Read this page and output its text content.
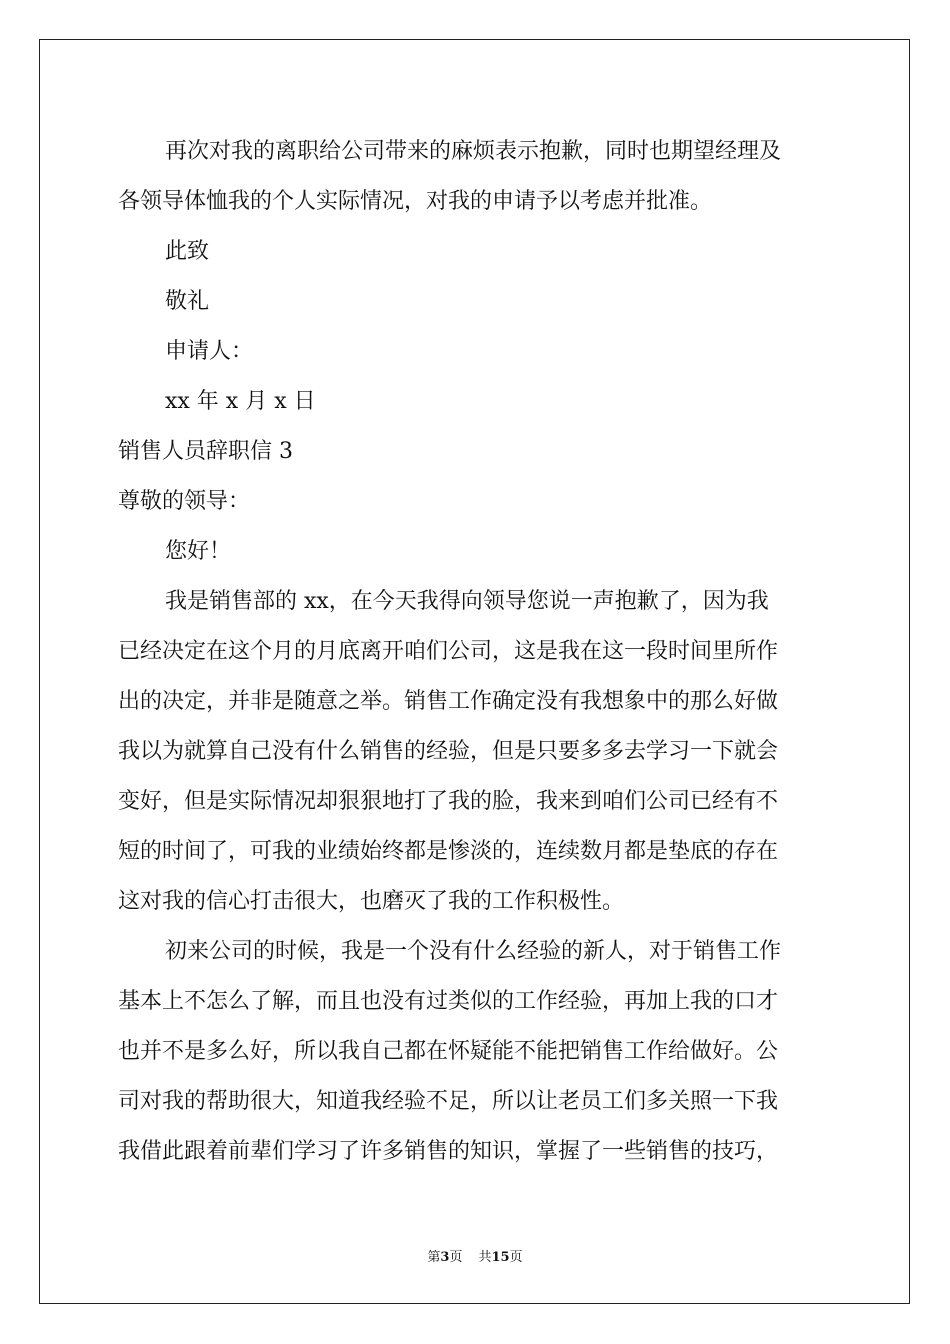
再次对我的离职给公司带来的麻烦表示抱歉，同时也期望经理及
各领导体恤我的个人实际情况，对我的申请予以考虑并批准。
此致
敬礼
申请人：
xx 年 x 月 x 日
销售人员辞职信 3
尊敬的领导：
您好！
我是销售部的 xx，在今天我得向领导您说一声抱歉了，因为我
已经决定在这个月的月底离开咱们公司，这是我在这一段时间里所作
出的决定，并非是随意之举。销售工作确定没有我想象中的那么好做
我以为就算自己没有什么销售的经验，但是只要多多去学习一下就会
变好，但是实际情况却狠狠地打了我的脸，我来到咱们公司已经有不
短的时间了，可我的业绩始终都是惨淡的，连续数月都是垫底的存在
这对我的信心打击很大，也磨灭了我的工作积极性。
初来公司的时候，我是一个没有什么经验的新人，对于销售工作
基本上不怎么了解，而且也没有过类似的工作经验，再加上我的口才
也并不是多么好，所以我自己都在怀疑能不能把销售工作给做好。公
司对我的帮助很大，知道我经验不足，所以让老员工们多关照一下我
我借此跟着前辈们学习了许多销售的知识，掌握了一些销售的技巧，
第3页 共15页
